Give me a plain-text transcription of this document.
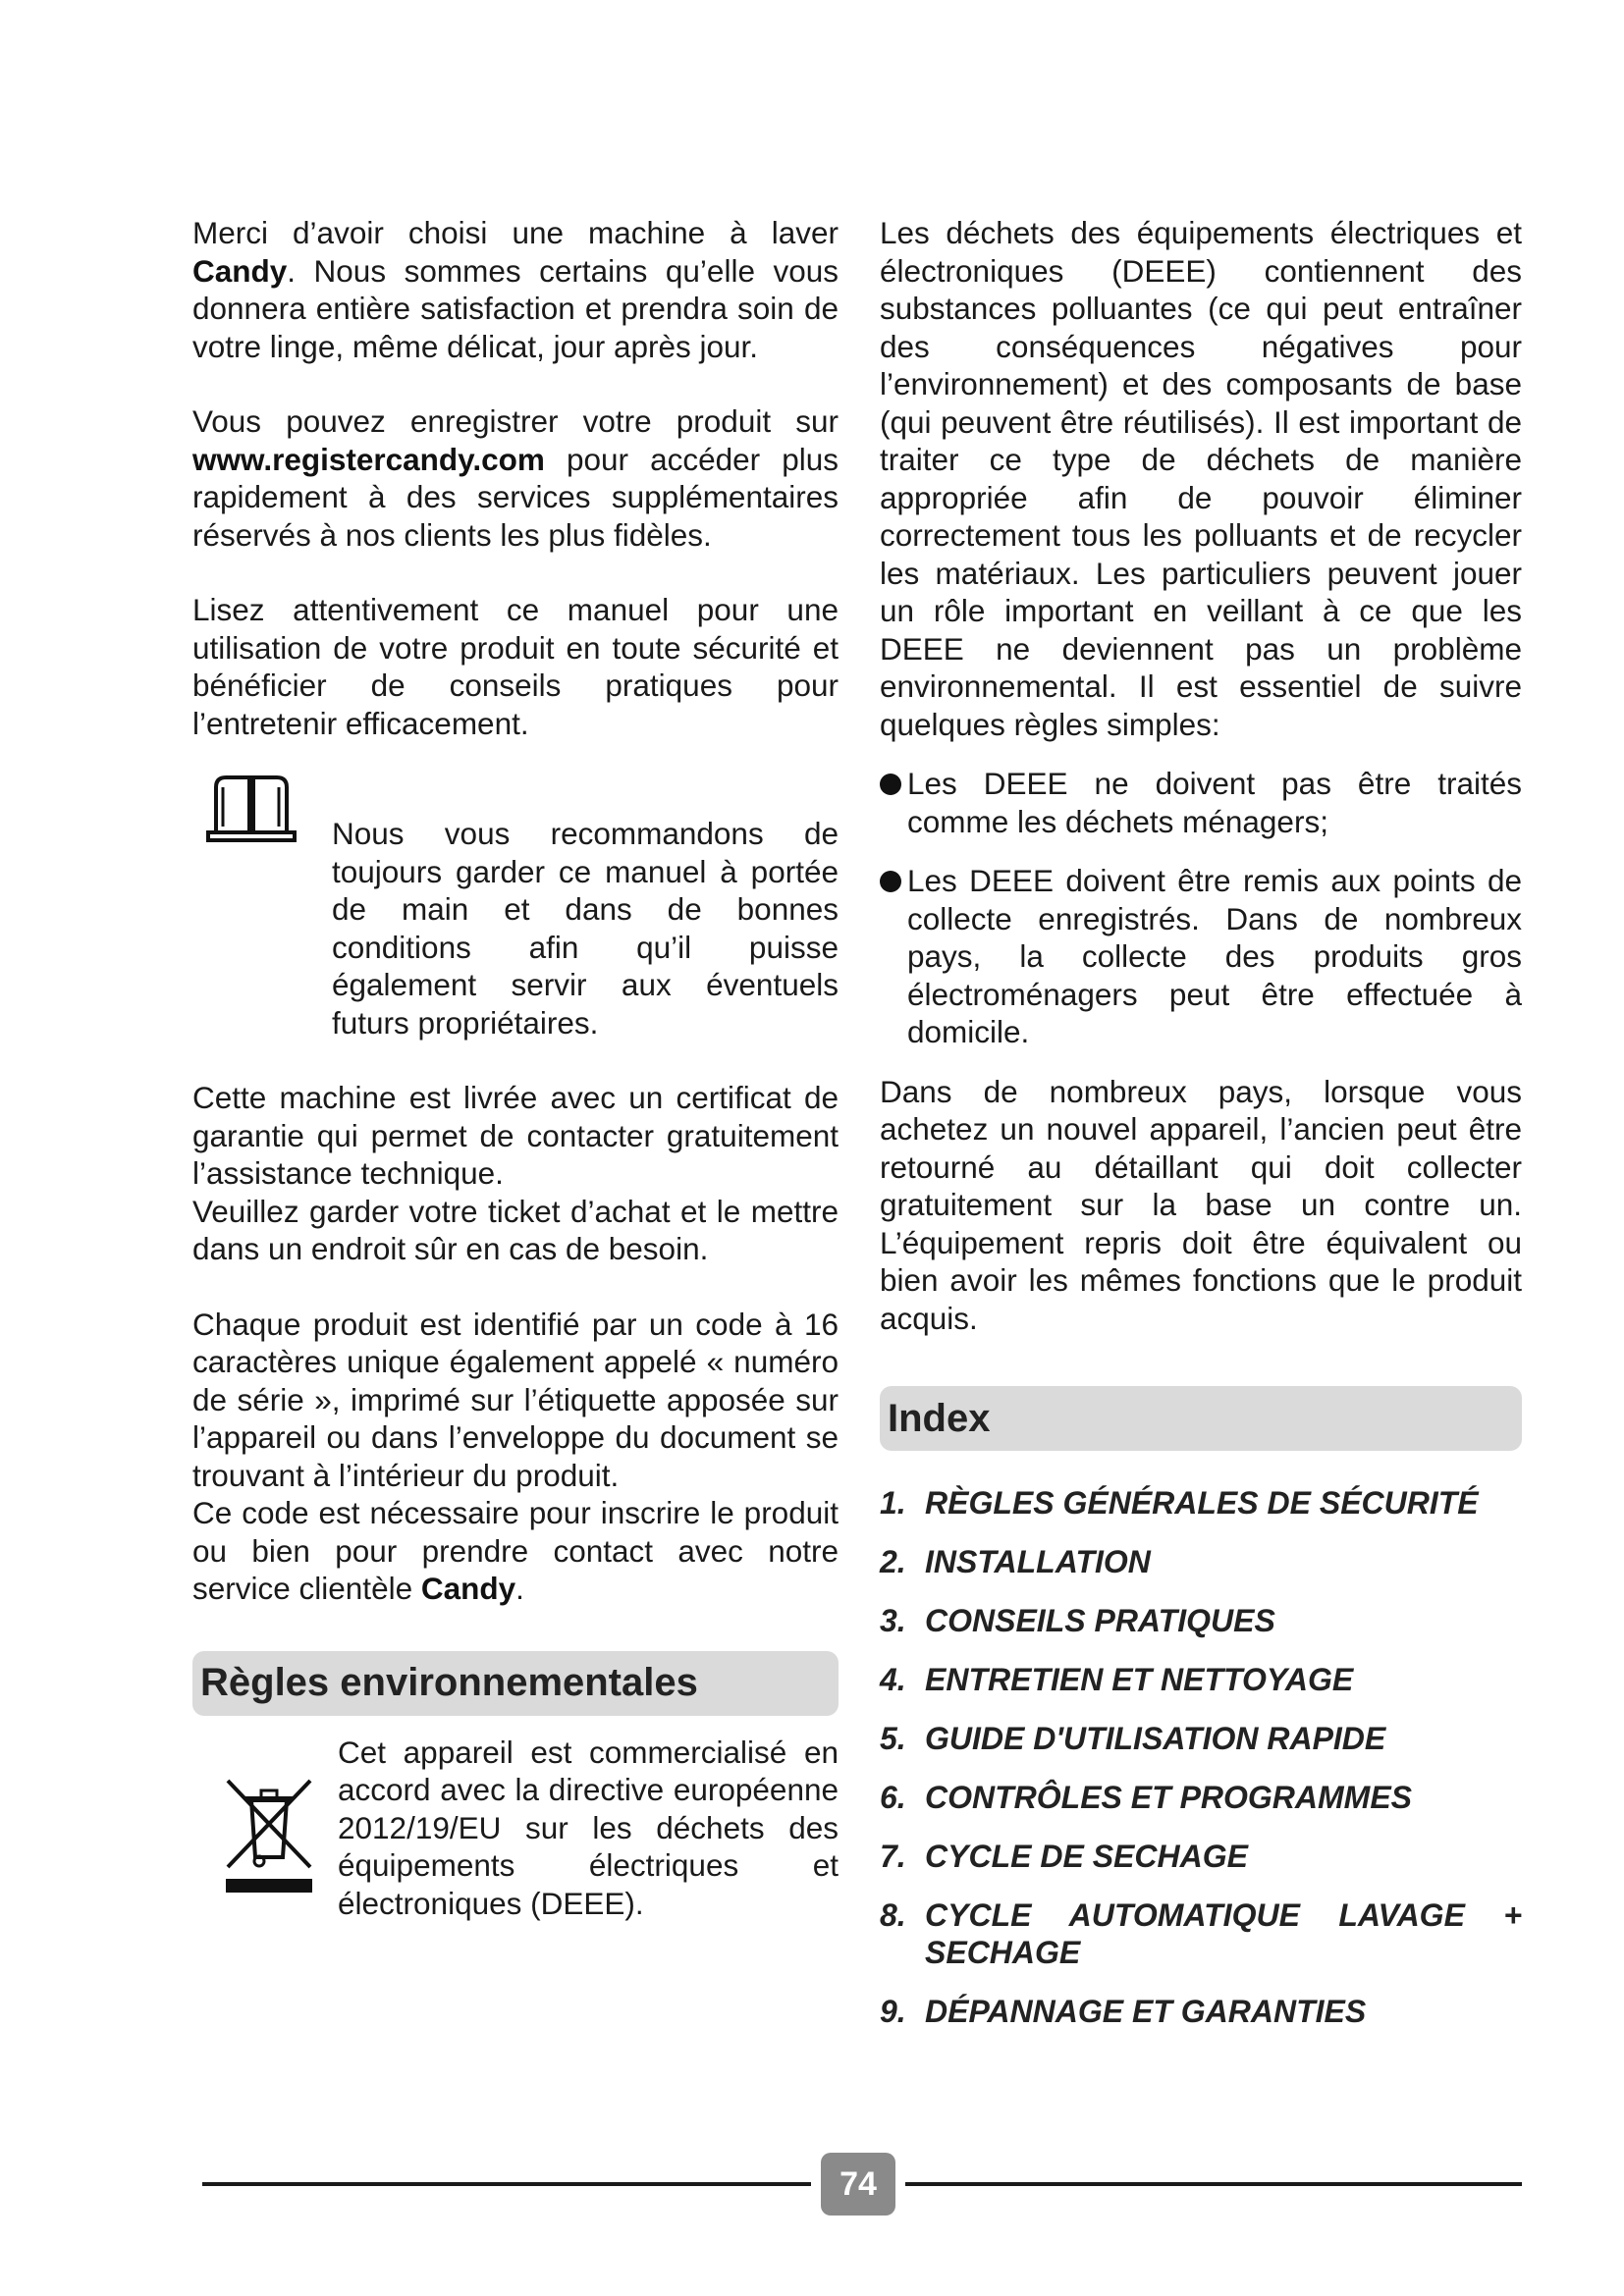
Merci d’avoir choisi une machine à laver Candy. Nous sommes certains qu’elle vous donnera entière satisfaction et prendra soin de votre linge, même délicat, jour après jour.

Vous pouvez enregistrer votre produit sur www.registercandy.com pour accéder plus rapidement à des services supplémentaires réservés à nos clients les plus fidèles.

Lisez attentivement ce manuel pour une utilisation de votre produit en toute sécurité et bénéficier de conseils pratiques pour l’entretenir efficacement.

Nous vous recommandons de toujours garder ce manuel à portée de main et dans de bonnes conditions afin qu’il puisse également servir aux éventuels futurs propriétaires.

Cette machine est livrée avec un certificat de garantie qui permet de contacter gratuitement l’assistance technique.

Veuillez garder votre ticket d’achat et le mettre dans un endroit sûr en cas de besoin.

Chaque produit est identifié par un code à 16 caractères unique également appelé « numéro de série », imprimé sur l’étiquette apposée sur l’appareil ou dans l’enveloppe du document se trouvant à l’intérieur du produit.

Ce code est nécessaire pour inscrire le produit ou bien pour prendre contact avec notre service clientèle Candy.

Règles environnementales

Cet appareil est commercialisé en accord avec la directive européenne 2012/19/EU sur les déchets des équipements électriques et électroniques (DEEE).

Les déchets des équipements électriques et électroniques (DEEE) contiennent des substances polluantes (ce qui peut entraîner des conséquences négatives pour l’environnement) et des composants de base (qui peuvent être réutilisés). Il est important de traiter ce type de déchets de manière appropriée afin de pouvoir éliminer correctement tous les polluants et de recycler les matériaux. Les particuliers peuvent jouer un rôle important en veillant à ce que les DEEE ne deviennent pas un problème environnemental. Il est essentiel de suivre quelques règles simples:

Les DEEE ne doivent pas être traités comme les déchets ménagers;
Les DEEE doivent être remis aux points de collecte enregistrés. Dans de nombreux pays, la collecte des produits gros électroménagers peut être effectuée à domicile.

Dans de nombreux pays, lorsque vous achetez un nouvel appareil, l’ancien peut être retourné au détaillant qui doit collecter gratuitement sur la base un contre un. L’équipement repris doit être équivalent ou bien avoir les mêmes fonctions que le produit acquis.

Index
1. RÈGLES GÉNÉRALES DE SÉCURITÉ
2. INSTALLATION
3. CONSEILS PRATIQUES
4. ENTRETIEN ET NETTOYAGE
5. GUIDE D'UTILISATION RAPIDE
6. CONTRÔLES ET PROGRAMMES
7. CYCLE DE SECHAGE
8. CYCLE AUTOMATIQUE LAVAGE + SECHAGE
9. DÉPANNAGE ET GARANTIES
74
